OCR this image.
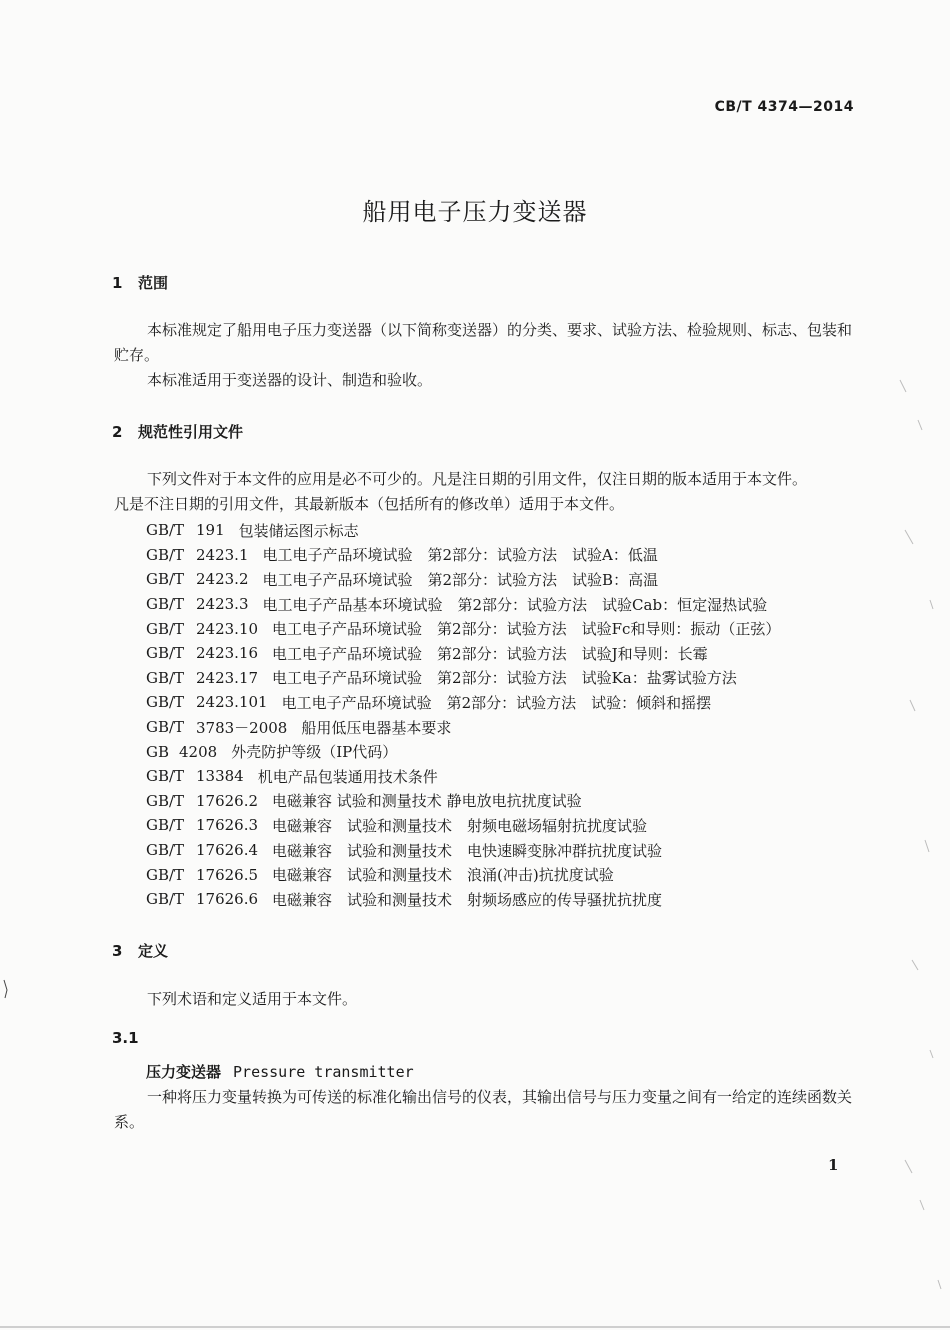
CB/T 4374—2014
船用电子压力变送器
1 范围

本标准规定了船用电子压力变送器（以下简称变送器）的分类、要求、试验方法、检验规则、标志、包装和贮存。

本标准适用于变送器的设计、制造和验收。
2 规范性引用文件
下列文件对于本文件的应用是必不可少的。凡是注日期的引用文件，仅注日期的版本适用于本文件。
凡是不注日期的引用文件，其最新版本（包括所有的修改单）适用于本文件。
GB/T 191 包装储运图示标志
GB/T 2423.1 电工电子产品环境试验　第2部分：试验方法　试验A：低温
GB/T 2423.2 电工电子产品环境试验　第2部分：试验方法　试验B：高温
GB/T 2423.3 电工电子产品基本环境试验　第2部分：试验方法　试验Cab：恒定湿热试验
GB/T 2423.10 电工电子产品环境试验　第2部分：试验方法　试验Fc和导则：振动（正弦）
GB/T 2423.16 电工电子产品环境试验　第2部分：试验方法　试验J和导则：长霉
GB/T 2423.17 电工电子产品环境试验　第2部分：试验方法　试验Ka：盐雾试验方法
GB/T 2423.101 电工电子产品环境试验　第2部分：试验方法　试验：倾斜和摇摆
GB/T 3783－2008 船用低压电器基本要求
GB 4208 外壳防护等级（IP代码）
GB/T 13384 机电产品包装通用技术条件
GB/T 17626.2 电磁兼容 试验和测量技术 静电放电抗扰度试验
GB/T 17626.3 电磁兼容　试验和测量技术　射频电磁场辐射抗扰度试验
GB/T 17626.4 电磁兼容　试验和测量技术　电快速瞬变脉冲群抗扰度试验
GB/T 17626.5 电磁兼容　试验和测量技术　浪涌(冲击)抗扰度试验
GB/T 17626.6 电磁兼容　试验和测量技术　射频场感应的传导骚扰抗扰度
3 定义
下列术语和定义适用于本文件。
3.1
压力变送器 Pressure transmitter

一种将压力变量转换为可传送的标准化输出信号的仪表，其输出信号与压力变量之间有一给定的连续函数关系。

1
